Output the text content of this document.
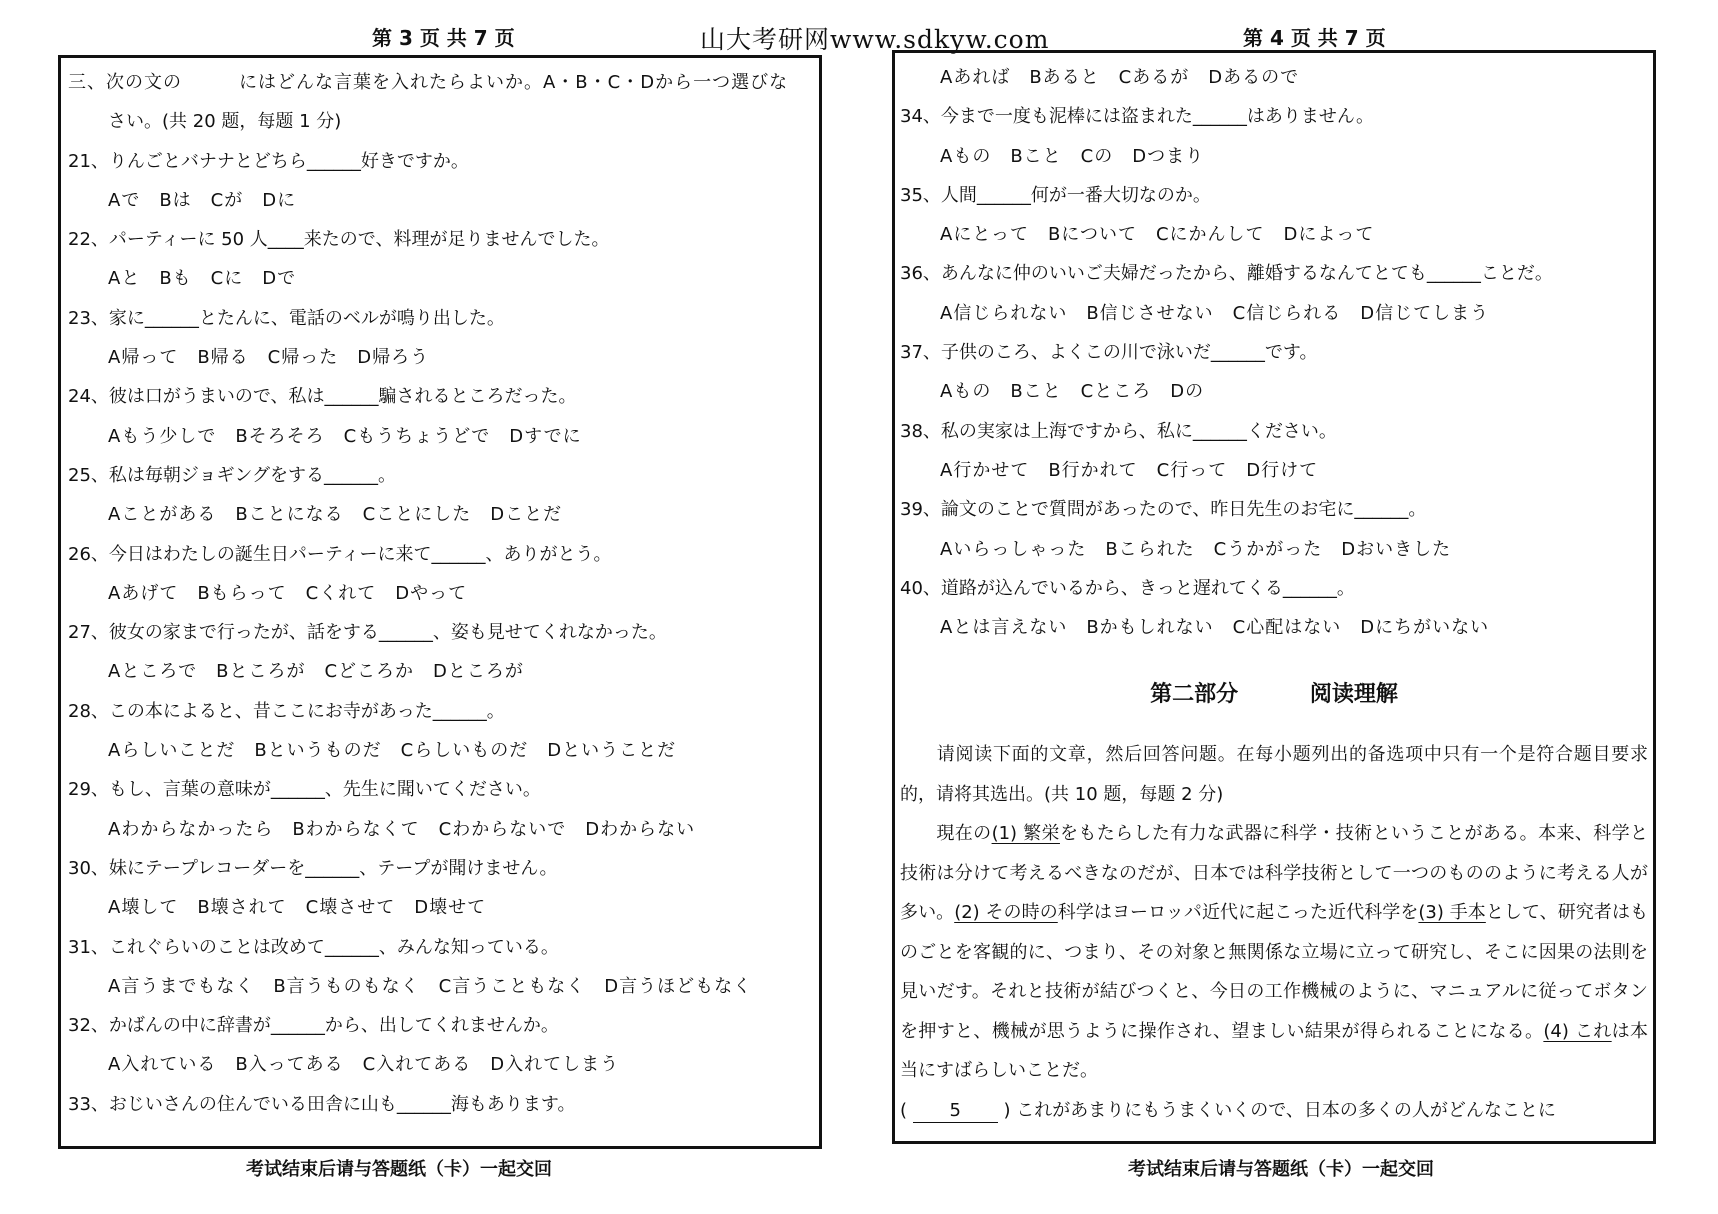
第 3 页 共 7 页	山大考研网www.sdkyw.com	第 4 页 共 7 页
三、次の文の　　　にはどんな言葉を入れたらよいか。A・B・C・Dから一つ選びな
さい。(共 20 题，每题 1 分)
21、りんごとバナナとどちら______好きですか。
Aで　Bは　Cが　Dに
22、パーティーに 50 人____来たので、料理が足りませんでした。
Aと　Bも　Cに　Dで
23、家に______とたんに、電話のベルが鳴り出した。
A帰って　B帰る　C帰った　D帰ろう
24、彼は口がうまいので、私は______騙されるところだった。
Aもう少しで　Bそろそろ　Cもうちょうどで　Dすでに
25、私は毎朝ジョギングをする______。
Aことがある　Bことになる　Cことにした　Dことだ
26、今日はわたしの誕生日パーティーに来て______、ありがとう。
Aあげて　Bもらって　Cくれて　Dやって
27、彼女の家まで行ったが、話をする______、姿も見せてくれなかった。
Aところで　Bところが　Cどころか　Dところが
28、この本によると、昔ここにお寺があった______。
Aらしいことだ　Bというものだ　Cらしいものだ　Dということだ
29、もし、言葉の意味が______、先生に聞いてください。
Aわからなかったら　Bわからなくて　Cわからないで　Dわからない
30、妹にテープレコーダーを______、テープが聞けません。
A壊して　B壊されて　C壊させて　D壊せて
31、これぐらいのことは改めて______、みんな知っている。
A言うまでもなく　B言うものもなく　C言うこともなく　D言うほどもなく
32、かばんの中に辞書が______から、出してくれませんか。
A入れている　B入ってある　C入れてある　D入れてしまう
33、おじいさんの住んでいる田舎に山も______海もあります。
Aあれば　Bあると　Cあるが　Dあるので
34、今まで一度も泥棒には盗まれた______はありません。
Aもの　Bこと　Cの　Dつまり
35、人間______何が一番大切なのか。
Aにとって　Bについて　Cにかんして　Dによって
36、あんなに仲のいいご夫婦だったから、離婚するなんてとても______ことだ。
A信じられない　B信じさせない　C信じられる　D信じてしまう
37、子供のころ、よくこの川で泳いだ______です。
Aもの　Bこと　Cところ　Dの
38、私の実家は上海ですから、私に______ください。
A行かせて　B行かれて　C行って　D行けて
39、論文のことで質問があったので、昨日先生のお宅に______。
Aいらっしゃった　Bこられた　Cうかがった　Dおいきした
40、道路が込んでいるから、きっと遅れてくる______。
Aとは言えない　Bかもしれない　C心配はない　Dにちがいない
第二部分	阅读理解
请阅读下面的文章，然后回答问题。在每小题列出的备选项中只有一个是符合题目要求的，请将其选出。(共 10 题，每题 2 分)
現在の(1) 繁栄をもたらした有力な武器に科学・技術ということがある。本来、科学と技術は分けて考えるべきなのだが、日本では科学技術として一つのもののように考える人が多い。(2) その時の科学はヨーロッパ近代に起こった近代科学を(3) 手本として、研究者はものごとを客観的に、つまり、その対象と無関係な立場に立って研究し、そこに因果の法則を見いだす。それと技術が結びつくと、今日の工作機械のように、マニュアルに従ってボタンを押すと、機械が思うように操作され、望ましい結果が得られることになる。(4) これは本当にすばらしいことだ。
( 5 ) これがあまりにもうまくいくので、日本の多くの人がどんなことに
考试结束后请与答题纸（卡）一起交回	考试结束后请与答题纸（卡）一起交回
